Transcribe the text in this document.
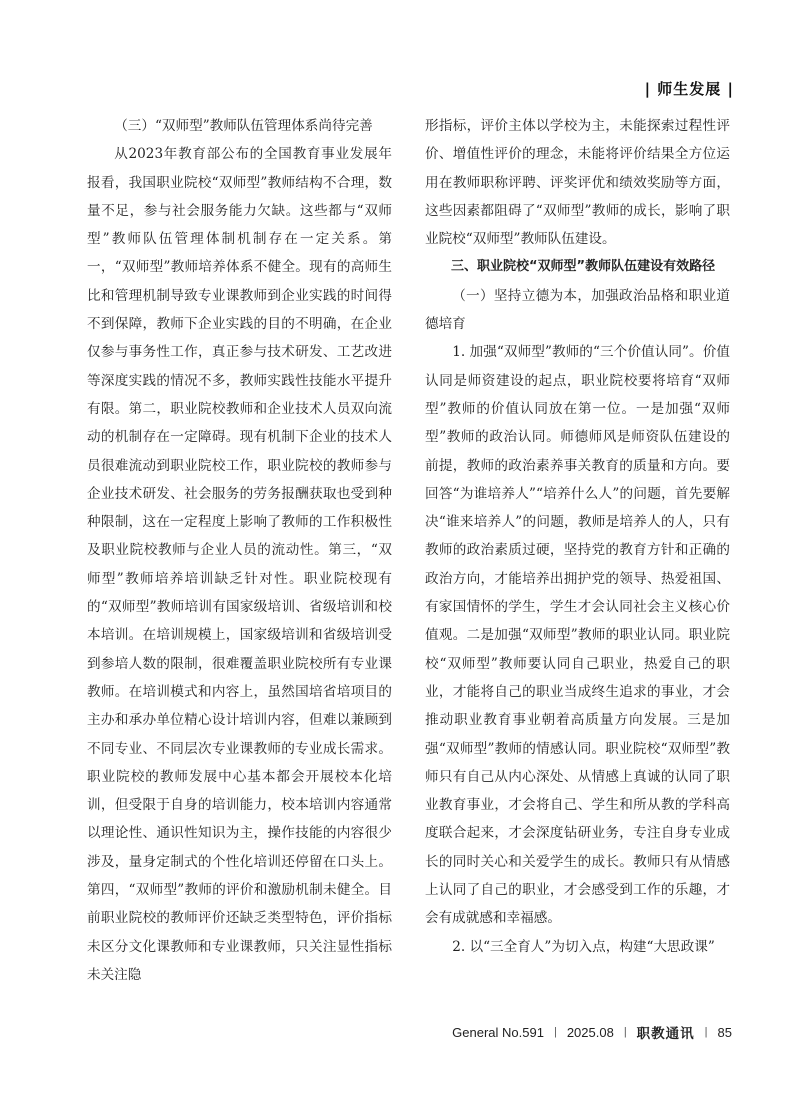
| 师生发展 |

（三）“双师型”教师队伍管理体系尚待完善

从2023年教育部公布的全国教育事业发展年报看，我国职业院校“双师型”教师结构不合理，数量不足，参与社会服务能力欠缺。这些都与“双师型”教师队伍管理体制机制存在一定关系。第一，“双师型”教师培养体系不健全。现有的高师生比和管理机制导致专业课教师到企业实践的时间得不到保障，教师下企业实践的目的不明确，在企业仅参与事务性工作，真正参与技术研发、工艺改进等深度实践的情况不多，教师实践性技能水平提升有限。第二，职业院校教师和企业技术人员双向流动的机制存在一定障碍。现有机制下企业的技术人员很难流动到职业院校工作，职业院校的教师参与企业技术研发、社会服务的劳务报酬获取也受到种种限制，这在一定程度上影响了教师的工作积极性及职业院校教师与企业人员的流动性。第三，“双师型”教师培养培训缺乏针对性。职业院校现有的“双师型”教师培训有国家级培训、省级培训和校本培训。在培训规模上，国家级培训和省级培训受到参培人数的限制，很难覆盖职业院校所有专业课教师。在培训模式和内容上，虽然国培省培项目的主办和承办单位精心设计培训内容，但难以兼顾到不同专业、不同层次专业课教师的专业成长需求。职业院校的教师发展中心基本都会开展校本化培训，但受限于自身的培训能力，校本培训内容通常以理论性、通识性知识为主，操作技能的内容很少涉及，量身定制式的个性化培训还停留在口头上。第四，“双师型”教师的评价和激励机制未健全。目前职业院校的教师评价还缺乏类型特色，评价指标未区分文化课教师和专业课教师，只关注显性指标未关注隐

形指标，评价主体以学校为主，未能探索过程性评价、增值性评价的理念，未能将评价结果全方位运用在教师职称评聘、评奖评优和绩效奖励等方面，这些因素都阻碍了“双师型”教师的成长，影响了职业院校“双师型”教师队伍建设。

三、职业院校“双师型”教师队伍建设有效路径

（一）坚持立德为本，加强政治品格和职业道德培育

1. 加强“双师型”教师的“三个价值认同”。价值认同是师资建设的起点，职业院校要将培育“双师型”教师的价值认同放在第一位。一是加强“双师型”教师的政治认同。师德师风是师资队伍建设的前提，教师的政治素养事关教育的质量和方向。要回答“为谁培养人”“培养什么人”的问题，首先要解决“谁来培养人”的问题，教师是培养人的人，只有教师的政治素质过硬，坚持党的教育方针和正确的政治方向，才能培养出拥护党的领导、热爱祖国、有家国情怀的学生，学生才会认同社会主义核心价值观。二是加强“双师型”教师的职业认同。职业院校“双师型”教师要认同自己职业，热爱自己的职业，才能将自己的职业当成终生追求的事业，才会推动职业教育事业朝着高质量方向发展。三是加强“双师型”教师的情感认同。职业院校“双师型”教师只有自己从内心深处、从情感上真诚的认同了职业教育事业，才会将自己、学生和所从教的学科高度联合起来，才会深度钻研业务，专注自身专业成长的同时关心和关爱学生的成长。教师只有从情感上认同了自己的职业，才会感受到工作的乐趣，才会有成就感和幸福感。

2. 以“三全育人”为切入点，构建“大思政课”

General No.591 | 2025.08 | 职教通讯 | 85
